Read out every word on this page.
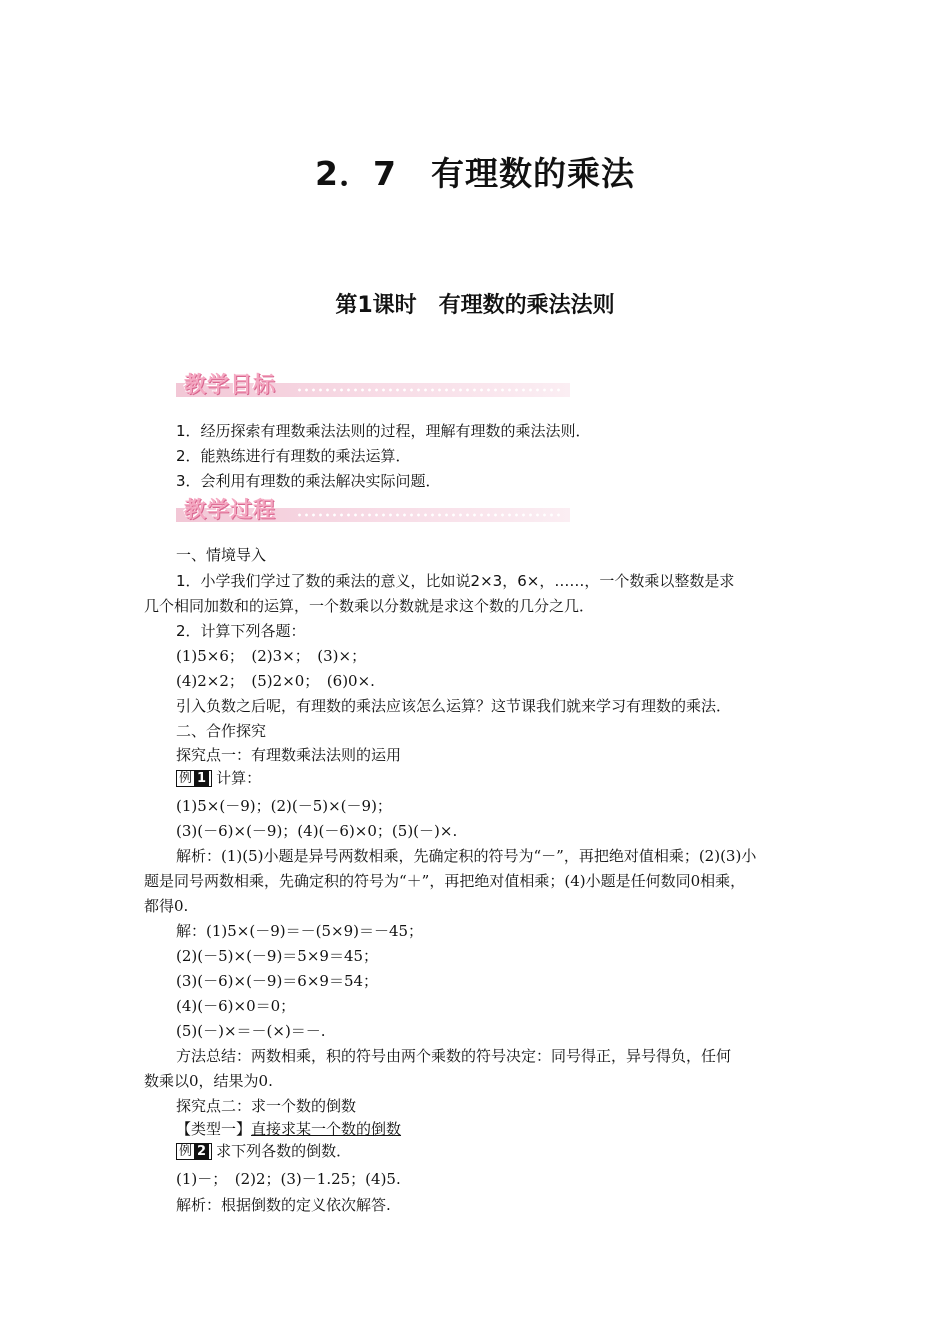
2．7　有理数的乘法
第1课时　有理数的乘法法则
教学目标
1．经历探索有理数乘法法则的过程，理解有理数的乘法法则．
2．能熟练进行有理数的乘法运算．
3．会利用有理数的乘法解决实际问题．
教学过程
一、情境导入
1．小学我们学过了数的乘法的意义，比如说2×3，6×，……，一个数乘以整数是求
几个相同加数和的运算，一个数乘以分数就是求这个数的几分之几．
2．计算下列各题：
(1)5×6；　(2)3×；　(3)×；
(4)2×2；　(5)2×0；　(6)0×.
引入负数之后呢，有理数的乘法应该怎么运算？这节课我们就来学习有理数的乘法．
二、合作探究
探究点一：有理数乘法法则的运用
例 1 计算：
(1)5×(－9)；(2)(－5)×(－9)；
(3)(－6)×(－9)；(4)(－6)×0；(5)(－)×.
解析：(1)(5)小题是异号两数相乘，先确定积的符号为“－”，再把绝对值相乘；(2)(3)小
题是同号两数相乘，先确定积的符号为“＋”，再把绝对值相乘；(4)小题是任何数同0相乘，
都得0.
解：(1)5×(－9)＝－(5×9)＝－45；
(2)(－5)×(－9)＝5×9＝45；
(3)(－6)×(－9)＝6×9＝54；
(4)(－6)×0＝0；
(5)(－)×＝－(×)＝－.
方法总结：两数相乘，积的符号由两个乘数的符号决定：同号得正，异号得负，任何
数乘以0，结果为0.
探究点二：求一个数的倒数
【类型一】直接求某一个数的倒数
例 2 求下列各数的倒数．
(1)－；　(2)2；(3)－1.25；(4)5.
解析：根据倒数的定义依次解答.
